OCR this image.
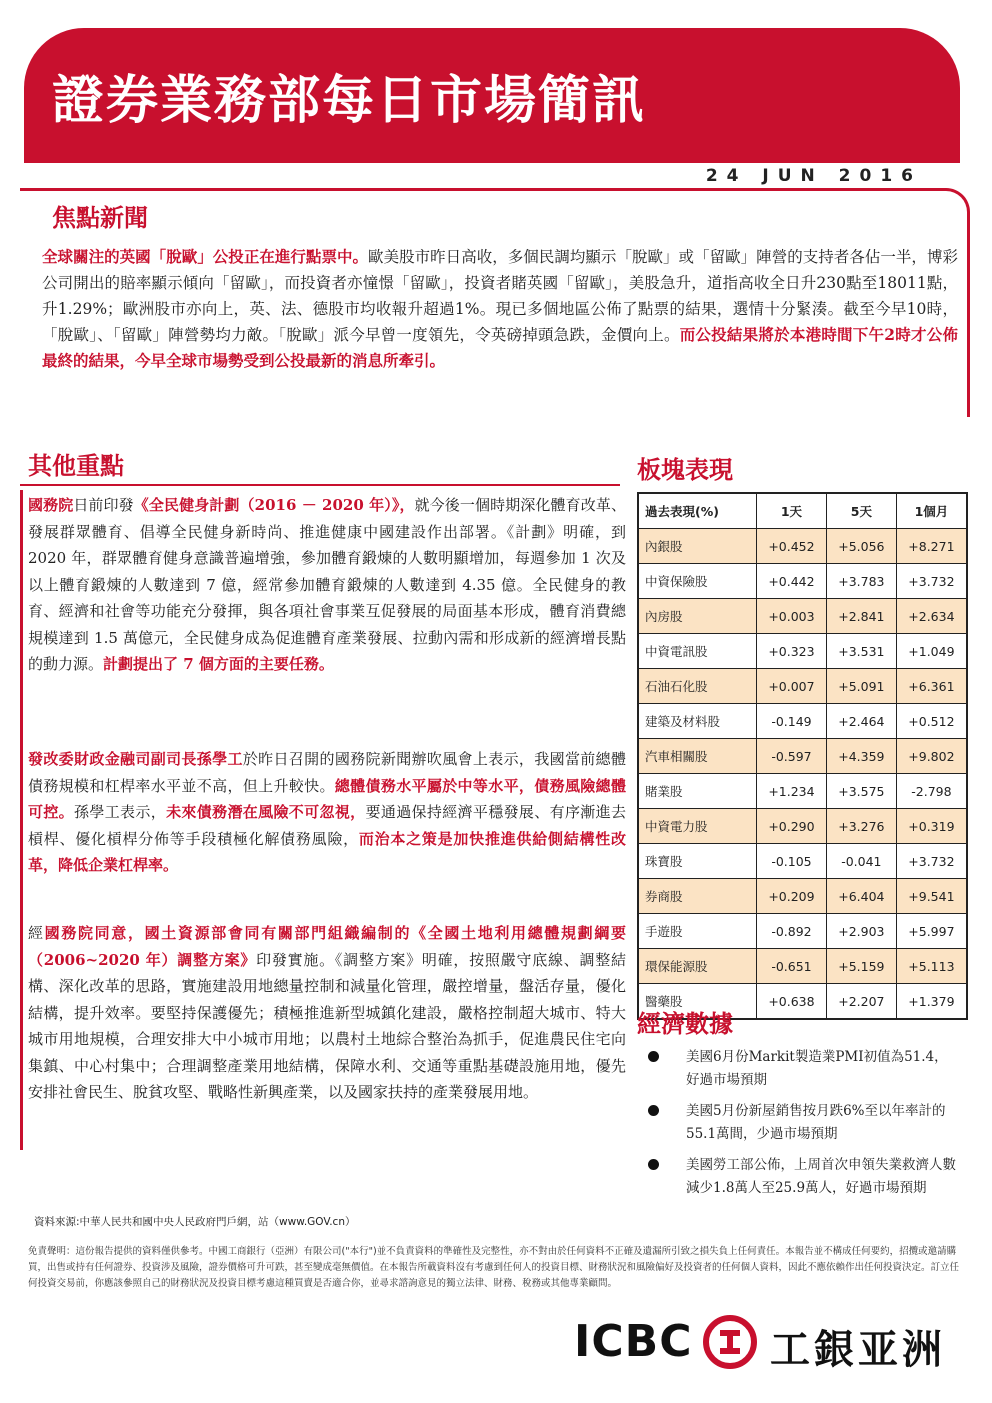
證券業務部每日市場簡訊
24 JUN 2016
焦點新聞
全球關注的英國「脫歐」公投正在進行點票中。歐美股市昨日高收，多個民調均顯示「脫歐」或「留歐」陣營的支持者各佔一半，博彩公司開出的賠率顯示傾向「留歐」，而投資者亦憧憬「留歐」，投資者賭英國「留歐」，美股急升，道指高收全日升230點至18011點，升1.29%；歐洲股市亦向上，英、法、德股市均收報升超過1%。現已多個地區公佈了點票的結果，選情十分緊湊。截至今早10時，「脫歐」、「留歐」陣營勢均力敵。「脫歐」派今早曾一度領先，令英磅掉頭急跌，金價向上。而公投結果將於本港時間下午2時才公佈最終的結果，今早全球市場勢受到公投最新的消息所牽引。
其他重點
國務院日前印發《全民健身計劃（2016 － 2020 年）》，就今後一個時期深化體育改革、發展群眾體育、倡導全民健身新時尚、推進健康中國建設作出部署。《計劃》明確，到 2020 年，群眾體育健身意識普遍增強，參加體育鍛煉的人數明顯增加，每週參加 1 次及以上體育鍛煉的人數達到 7 億，經常參加體育鍛煉的人數達到 4.35 億。全民健身的教育、經濟和社會等功能充分發揮，與各項社會事業互促發展的局面基本形成，體育消費總規模達到 1.5 萬億元，全民健身成為促進體育產業發展、拉動內需和形成新的經濟增長點的動力源。計劃提出了 7 個方面的主要任務。
發改委財政金融司副司長孫學工於昨日召開的國務院新聞辦吹風會上表示，我國當前總體債務規模和杠桿率水平並不高，但上升較快。總體債務水平屬於中等水平，債務風險總體可控。孫學工表示，未來債務潛在風險不可忽視，要通過保持經濟平穩發展、有序漸進去槓桿、優化槓桿分佈等手段積極化解債務風險，而治本之策是加快推進供給側結構性改革，降低企業杠桿率。
經國務院同意，國土資源部會同有關部門組織編制的《全國土地利用總體規劃綱要（2006~2020 年）調整方案》印發實施。《調整方案》明確，按照嚴守底線、調整結構、深化改革的思路，實施建設用地總量控制和減量化管理，嚴控增量，盤活存量，優化結構，提升效率。要堅持保護優先；積極推進新型城鎮化建設，嚴格控制超大城市、特大城市用地規模，合理安排大中小城市用地；以農村土地綜合整治為抓手，促進農民住宅向集鎮、中心村集中；合理調整產業用地結構，保障水利、交通等重點基礎設施用地，優先安排社會民生、脫貧攻堅、戰略性新興產業，以及國家扶持的產業發展用地。
板塊表現
過去表現(%)	1天	5天	1個月
內銀股	+0.452	+5.056	+8.271
中資保險股	+0.442	+3.783	+3.732
內房股	+0.003	+2.841	+2.634
中資電訊股	+0.323	+3.531	+1.049
石油石化股	+0.007	+5.091	+6.361
建築及材料股	-0.149	+2.464	+0.512
汽車相關股	-0.597	+4.359	+9.802
賭業股	+1.234	+3.575	-2.798
中資電力股	+0.290	+3.276	+0.319
珠寶股	-0.105	-0.041	+3.732
券商股	+0.209	+6.404	+9.541
手遊股	-0.892	+2.903	+5.997
環保能源股	-0.651	+5.159	+5.113
醫藥股	+0.638	+2.207	+1.379
經濟數據
美國6月份Markit製造業PMI初值為51.4，好過市場預期
美國5月份新屋銷售按月跌6%至以年率計的55.1萬間，少過市場預期
美國勞工部公佈，上周首次申領失業救濟人數減少1.8萬人至25.9萬人，好過市場預期
資料來源:中華人民共和國中央人民政府門戶網，站（www.GOV.cn）
免責聲明：這份報告提供的資料僅供參考。中國工商銀行（亞洲）有限公司("本行")並不負責資料的準確性及完整性，亦不對由於任何資料不正確及遺漏所引致之損失負上任何責任。本報告並不構成任何要約，招攬或邀請購買，出售或持有任何證券、投資涉及風險，證券價格可升可跌，甚至變成毫無價值。在本報告所載資料沒有考慮到任何人的投資目標、財務狀況和風險偏好及投資者的任何個人資料，因此不應依賴作出任何投資決定。訂立任何投資交易前，你應該參照自己的財務狀況及投資目標考慮這種買賣是否適合你，並尋求諮詢意見的獨立法律、財務、稅務或其他專業顧問。
ICBC 工銀亚洲
